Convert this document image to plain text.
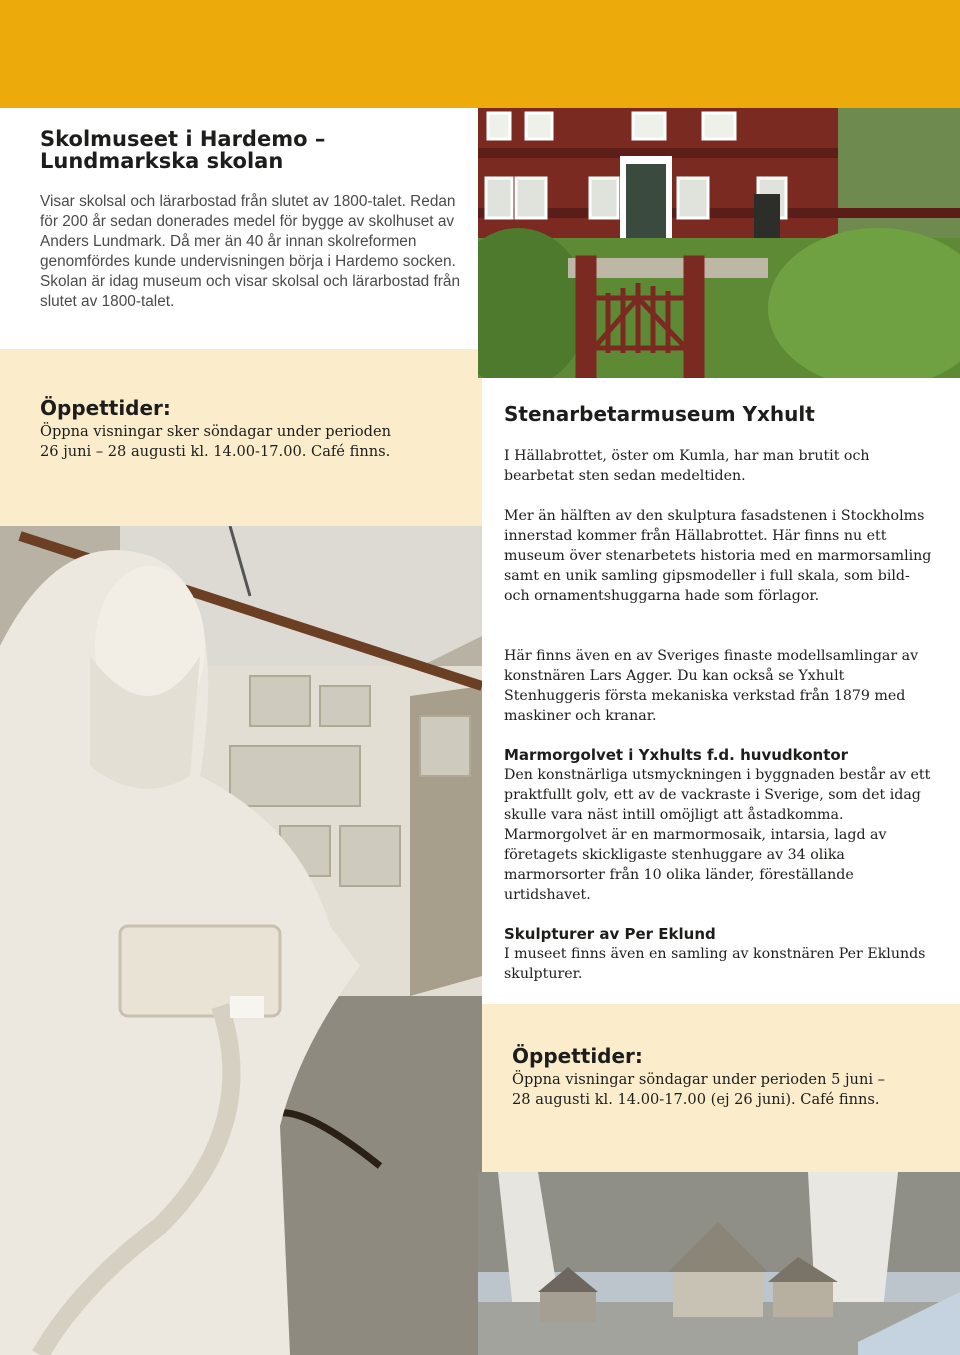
Skolmuseet i Hardemo –
Lundmarkska skolan

Visar skolsal och lärarbostad från slutet av 1800-talet. Redan för 200 år sedan donerades medel för bygge av skolhuset av Anders Lundmark. Då mer än 40 år innan skolreformen genomfördes kunde undervisningen börja i Hardemo socken. Skolan är idag museum och visar skolsal och lärarbostad från slutet av 1800-talet.

Öppettider:

Öppna visningar sker söndagar under perioden

26 juni – 28 augusti kl. 14.00-17.00. Café finns.

Stenarbetarmuseum Yxhult

I Hällabrottet, öster om Kumla, har man brutit och bearbetat sten sedan medeltiden.

Mer än hälften av den skulptura fasadstenen i Stockholms innerstad kommer från Hällabrottet. Här finns nu ett museum över stenarbetets historia med en marmorsamling samt en unik samling gipsmodeller i full skala, som bild- och ornamentshuggarna hade som förlagor.

Här finns även en av Sveriges finaste modellsamlingar av konstnären Lars Agger. Du kan också se Yxhult Stenhuggeris första mekaniska verkstad från 1879 med maskiner och kranar.

Marmorgolvet i Yxhults f.d. huvudkontor

Den konstnärliga utsmyckningen i byggnaden består av ett praktfullt golv, ett av de vackraste i Sverige, som det idag skulle vara näst intill omöjligt att åstadkomma. Marmorgolvet är en marmormosaik, intarsia, lagd av företagets skickligaste stenhuggare av 34 olika marmorsorter från 10 olika länder, föreställande urtidshavet.

Skulpturer av Per Eklund

I museet finns även en samling av konstnären Per Eklunds skulpturer.

Öppettider:

Öppna visningar söndagar under perioden 5 juni –

28 augusti kl. 14.00-17.00 (ej 26 juni). Café finns.
